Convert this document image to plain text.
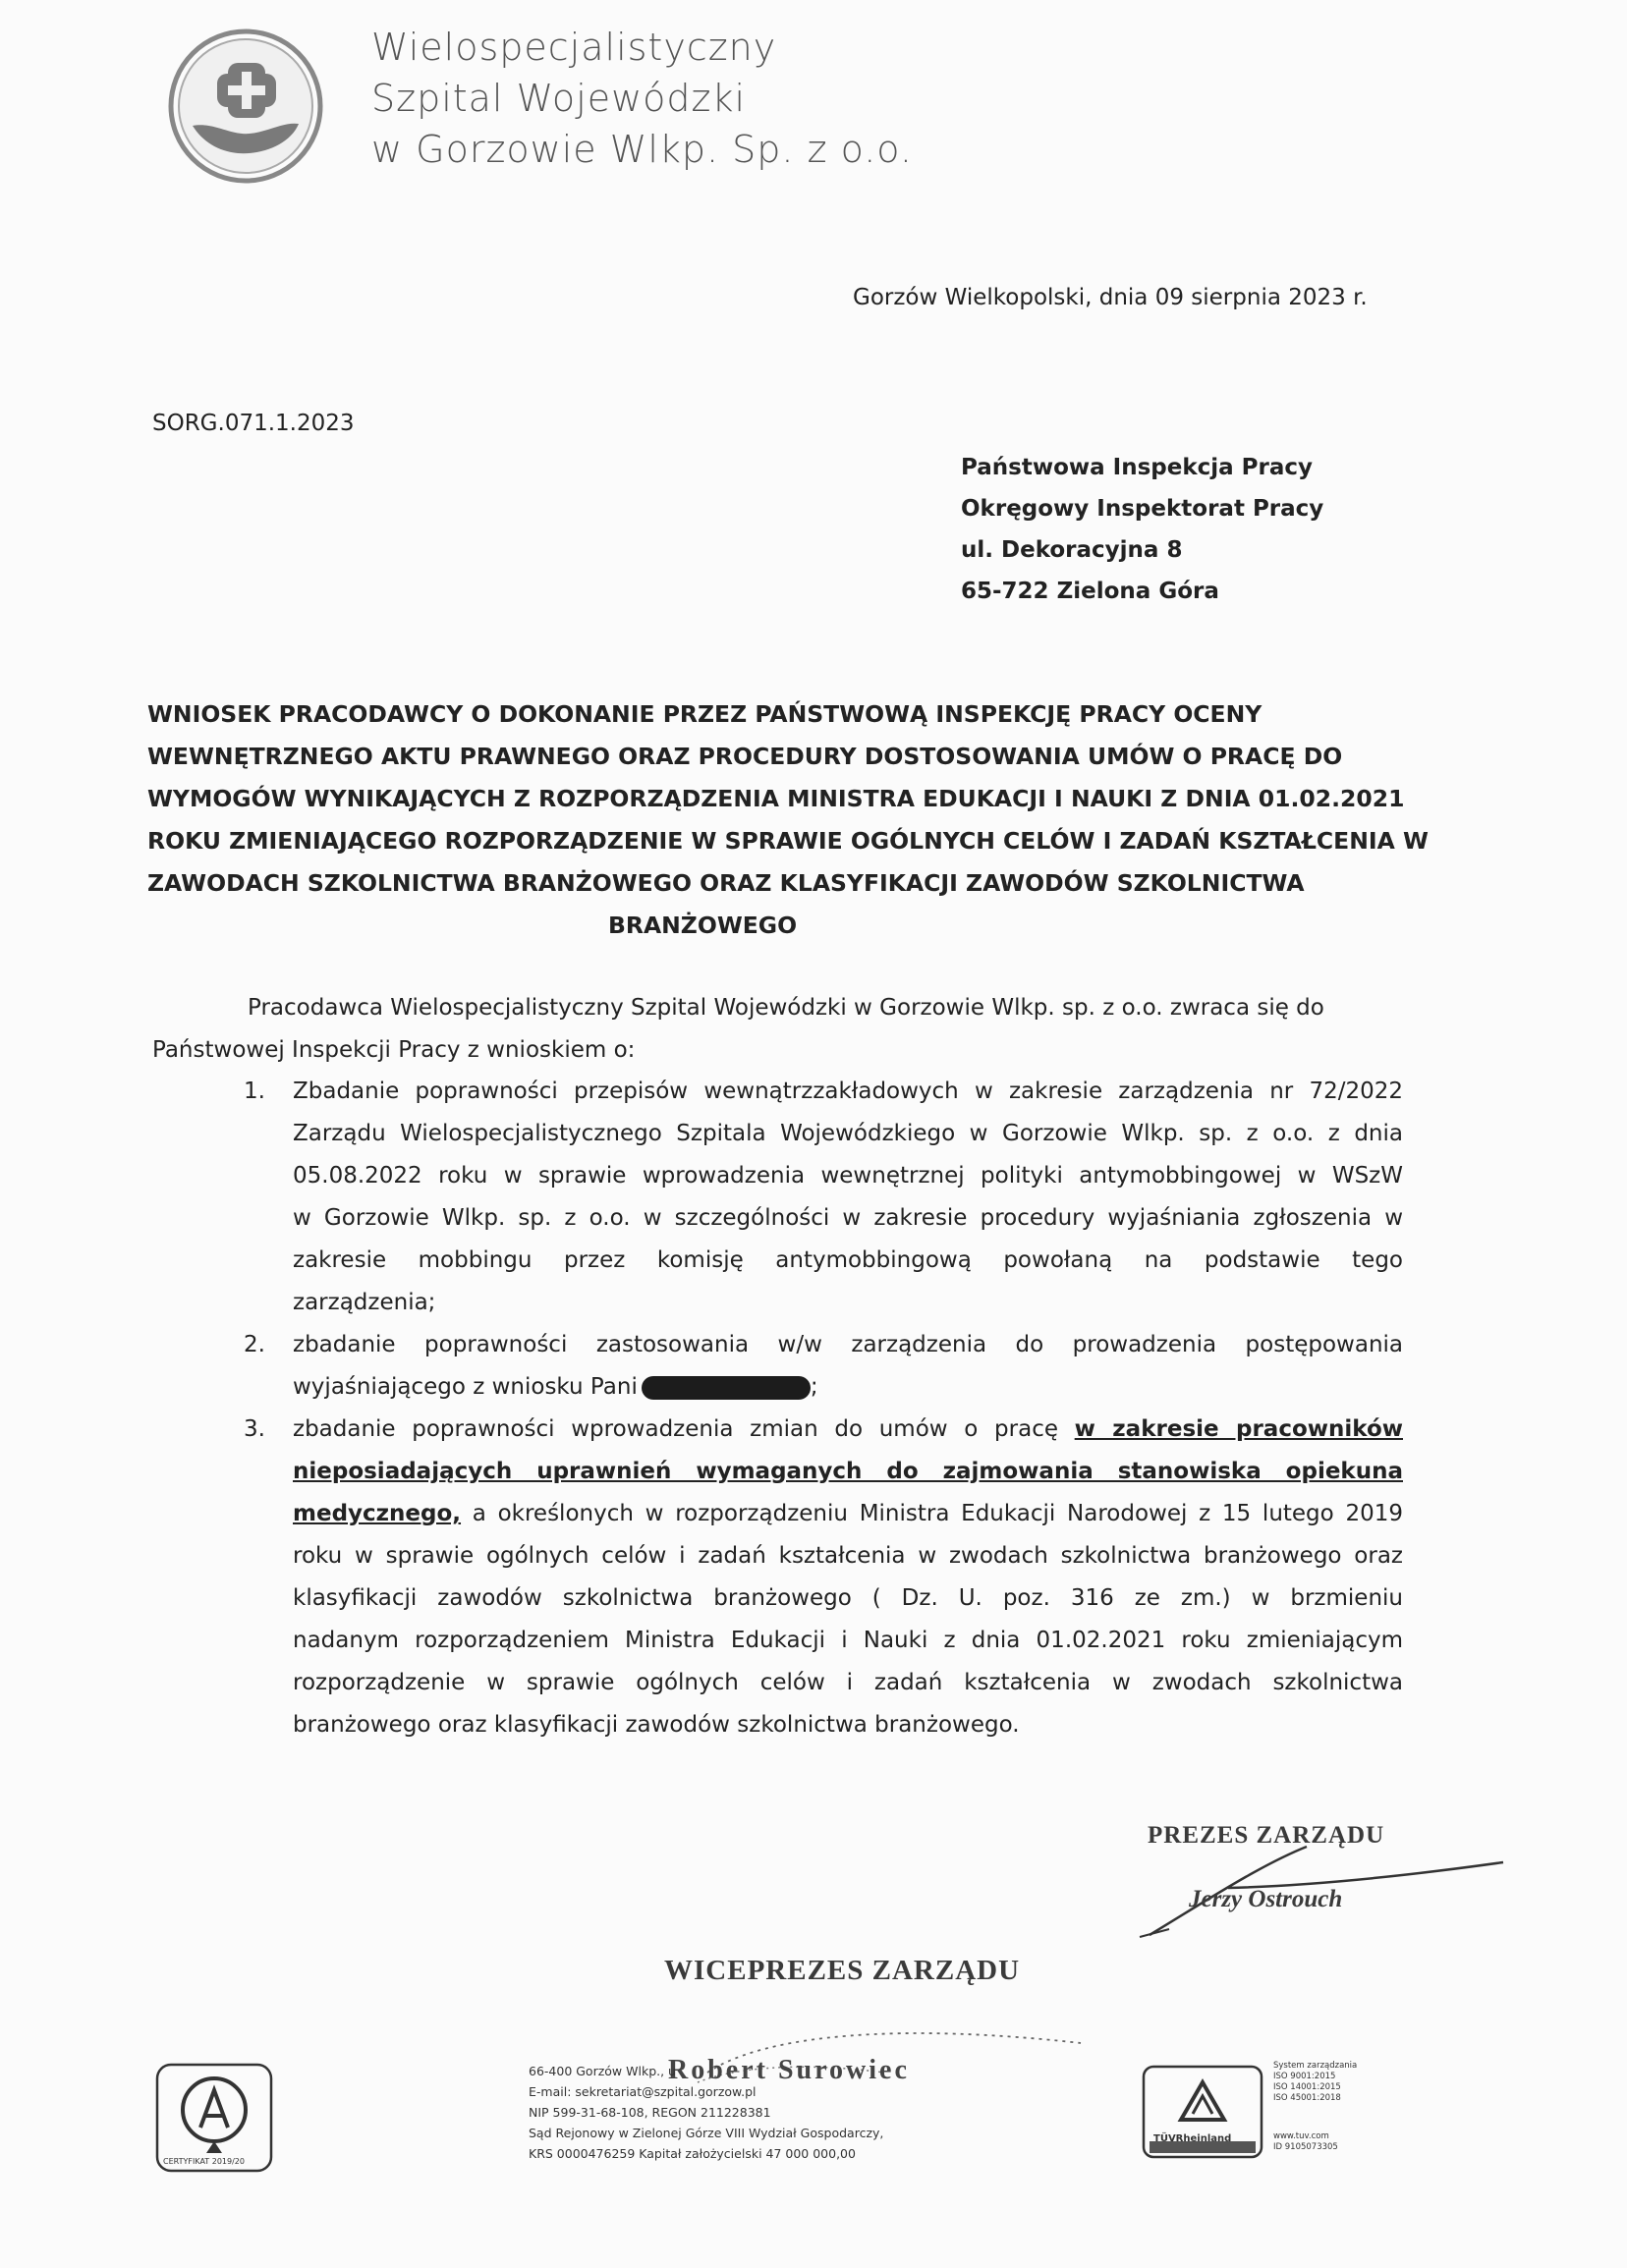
Wielospecjalistyczny
Szpital Wojewódzki
w Gorzowie Wlkp. Sp. z o.o.
Gorzów Wielkopolski, dnia 09 sierpnia 2023 r.
SORG.071.1.2023
Państwowa Inspekcja Pracy
Okręgowy Inspektorat Pracy
ul. Dekoracyjna 8
65-722 Zielona Góra
WNIOSEK PRACODAWCY O DOKONANIE PRZEZ PAŃSTWOWĄ INSPEKCJĘ PRACY OCENY
WEWNĘTRZNEGO AKTU PRAWNEGO ORAZ PROCEDURY DOSTOSOWANIA UMÓW O PRACĘ DO
WYMOGÓW WYNIKAJĄCYCH Z ROZPORZĄDZENIA MINISTRA EDUKACJI I NAUKI Z DNIA 01.02.2021
ROKU ZMIENIAJĄCEGO ROZPORZĄDZENIE W SPRAWIE OGÓLNYCH CELÓW I ZADAŃ KSZTAŁCENIA W
ZAWODACH SZKOLNICTWA BRANŻOWEGO ORAZ KLASYFIKACJI ZAWODÓW SZKOLNICTWA
BRANŻOWEGO
Pracodawca Wielospecjalistyczny Szpital Wojewódzki w Gorzowie Wlkp. sp. z o.o. zwraca się do
Państwowej Inspekcji Pracy z wnioskiem o:
1. Zbadanie poprawności przepisów wewnątrzzakładowych w zakresie zarządzenia nr 72/2022
Zarządu Wielospecjalistycznego Szpitala Wojewódzkiego w Gorzowie Wlkp. sp. z o.o. z dnia
05.08.2022 roku w sprawie wprowadzenia wewnętrznej polityki antymobbingowej w WSzW
w Gorzowie Wlkp. sp. z o.o. w szczególności w zakresie procedury wyjaśniania zgłoszenia w
zakresie mobbingu przez komisję antymobbingową powołaną na podstawie tego
zarządzenia;
2. zbadanie poprawności zastosowania w/w zarządzenia do prowadzenia postępowania
wyjaśniającego z wniosku Pani	;
3. zbadanie poprawności wprowadzenia zmian do umów o pracę w zakresie pracowników
nieposiadających uprawnień wymaganych do zajmowania stanowiska opiekuna
medycznego, a określonych w rozporządzeniu Ministra Edukacji Narodowej z 15 lutego 2019
roku w sprawie ogólnych celów i zadań kształcenia w zwodach szkolnictwa branżowego oraz
klasyfikacji zawodów szkolnictwa branżowego ( Dz. U. poz. 316 ze zm.) w brzmieniu
nadanym rozporządzeniem Ministra Edukacji i Nauki z dnia 01.02.2021 roku zmieniającym
rozporządzenie w sprawie ogólnych celów i zadań kształcenia w zwodach szkolnictwa
branżowego oraz klasyfikacji zawodów szkolnictwa branżowego.
PREZES ZARZĄDU
Jerzy Ostrouch
WICEPREZES ZARZĄDU
Robert Surowiec
66-400 Gorzów Wlkp., u
E-mail: sekretariat@szpital.gorzow.pl
NIP 599-31-68-108, REGON 211228381
Sąd Rejonowy w Zielonej Górze VIII Wydział Gospodarczy,
KRS 0000476259 Kapitał założycielski 47 000 000,00
CERTYFIKAT 2019/20
TÜVRheinland
System zarządzania
ISO 9001:2015
ISO 14001:2015
ISO 45001:2018
www.tuv.com
ID 9105073305
